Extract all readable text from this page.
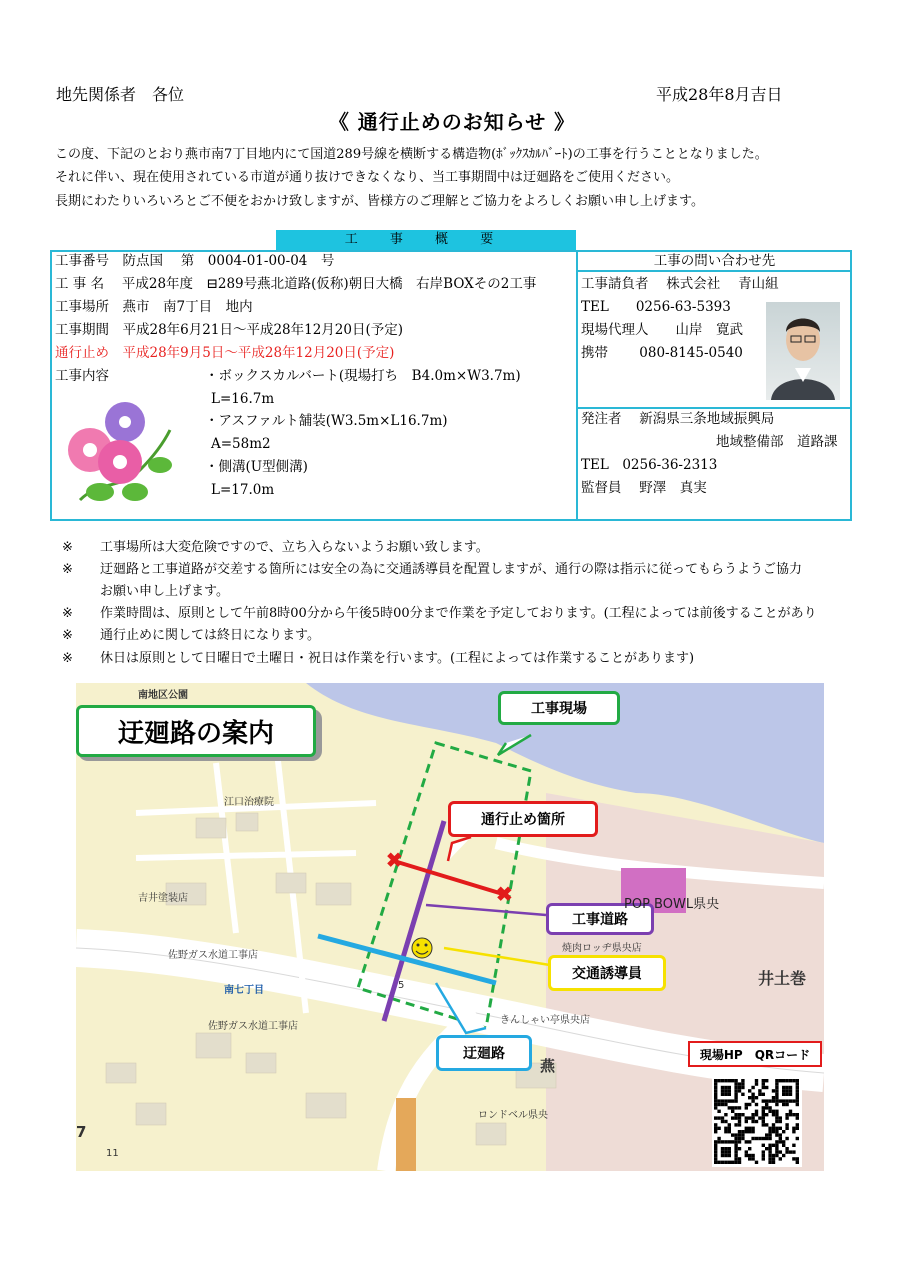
地先関係者　各位	平成28年8月吉日
《 通行止めのお知らせ 》
この度、下記のとおり燕市南7丁目地内にて国道289号線を横断する構造物(ﾎﾞｯｸｽｶﾙﾊﾞｰﾄ)の工事を行うこととなりました。
それに伴い、現在使用されている市道が通り抜けできなくなり、当工事期間中は迂廻路をご使用ください。
長期にわたりいろいろとご不便をおかけ致しますが、皆様方のご理解とご協力をよろしくお願い申し上げます。
工 事 概 要
工事番号　防点国　 第　0004-01-00-04　号
工 事 名　 平成28年度　⊟289号燕北道路(仮称)朝日大橋　右岸BOXその2工事
工事場所　燕市　南7丁目　地内
工事期間　平成28年6月21日～平成28年12月20日(予定)
通行止め　平成28年9月5日～平成28年12月20日(予定)
工事内容	・ボックスカルバート(現場打ち　B4.0m×W3.7m)
L=16.7m
・アスファルト舗装(W3.5m×L16.7m)
A=58m2
・側溝(U型側溝)
L=17.0m
工事の問い合わせ先
工事請負者　 株式会社　 青山組
TEL　　0256-63-5393
現場代理人　　山岸　寛武
携帯　　 080-8145-0540
発注者　 新潟県三条地域振興局
地域整備部　道路課
TEL　0256-36-2313
監督員　 野澤　真実
※ 工事場所は大変危険ですので、立ち入らないようお願い致します。
※ 迂廻路と工事道路が交差する箇所には安全の為に交通誘導員を配置しますが、通行の際は指示に従ってもらうようご協力
お願い申し上げます。
※ 作業時間は、原則として午前8時00分から午後5時00分まで作業を予定しております。(工程によっては前後することがあり
※ 通行止めに関しては終日になります。
※ 休日は原則として日曜日で土曜日・祝日は作業を行います。(工程によっては作業することがあります)
✖
✖
迂廻路の案内
工事現場
通行止め箇所
工事道路
交通誘導員
迂廻路
南地区公園
江口治療院
吉井塗装店
佐野ガス水道工事店
南七丁目
佐野ガス水道工事店
POP BOWL県央
焼肉ロッヂ県央店
井土巻
きんしゃい亭県央店
燕
ロンドベル県央
7
11
5
現場HP　QRコード
